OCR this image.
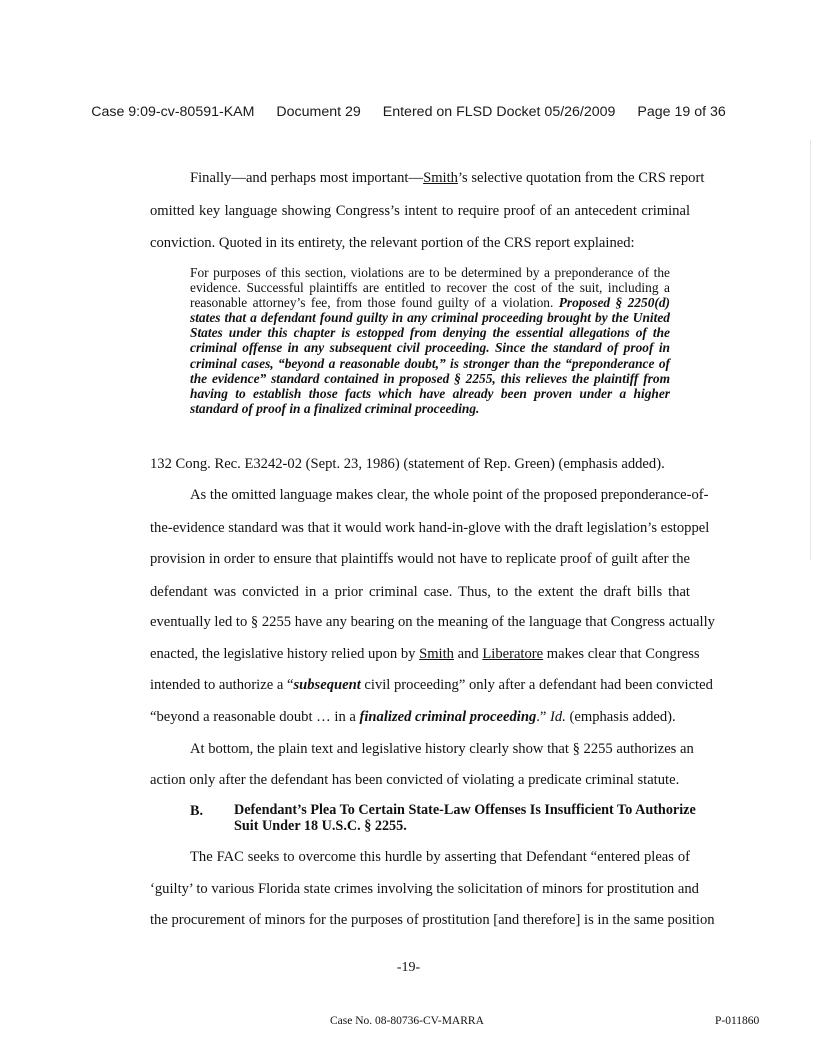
Case 9:09-cv-80591-KAM Document 29 Entered on FLSD Docket 05/26/2009 Page 19 of 36
Finally—and perhaps most important—Smith’s selective quotation from the CRS report
omitted key language showing Congress’s intent to require proof of an antecedent criminal
conviction. Quoted in its entirety, the relevant portion of the CRS report explained:

For purposes of this section, violations are to be determined by a preponderance of the evidence. Successful plaintiffs are entitled to recover the cost of the suit, including a reasonable attorney’s fee, from those found guilty of a violation. Proposed § 2250(d) states that a defendant found guilty in any criminal proceeding brought by the United States under this chapter is estopped from denying the essential allegations of the criminal offense in any subsequent civil proceeding. Since the standard of proof in criminal cases, “beyond a reasonable doubt,” is stronger than the “preponderance of the evidence” standard contained in proposed § 2255, this relieves the plaintiff from having to establish those facts which have already been proven under a higher standard of proof in a finalized criminal proceeding.

132 Cong. Rec. E3242-02 (Sept. 23, 1986) (statement of Rep. Green) (emphasis added).
As the omitted language makes clear, the whole point of the proposed preponderance-of-
the-evidence standard was that it would work hand-in-glove with the draft legislation’s estoppel
provision in order to ensure that plaintiffs would not have to replicate proof of guilt after the
defendant was convicted in a prior criminal case. Thus, to the extent the draft bills that
eventually led to § 2255 have any bearing on the meaning of the language that Congress actually
enacted, the legislative history relied upon by Smith and Liberatore makes clear that Congress
intended to authorize a “subsequent civil proceeding” only after a defendant had been convicted
“beyond a reasonable doubt … in a finalized criminal proceeding.” Id. (emphasis added).
At bottom, the plain text and legislative history clearly show that § 2255 authorizes an
action only after the defendant has been convicted of violating a predicate criminal statute.
B. Defendant’s Plea To Certain State-Law Offenses Is Insufficient To Authorize Suit Under 18 U.S.C. § 2255.
The FAC seeks to overcome this hurdle by asserting that Defendant “entered pleas of
‘guilty’ to various Florida state crimes involving the solicitation of minors for prostitution and
the procurement of minors for the purposes of prostitution [and therefore] is in the same position
-19-
Case No. 08-80736-CV-MARRA	P-011860
